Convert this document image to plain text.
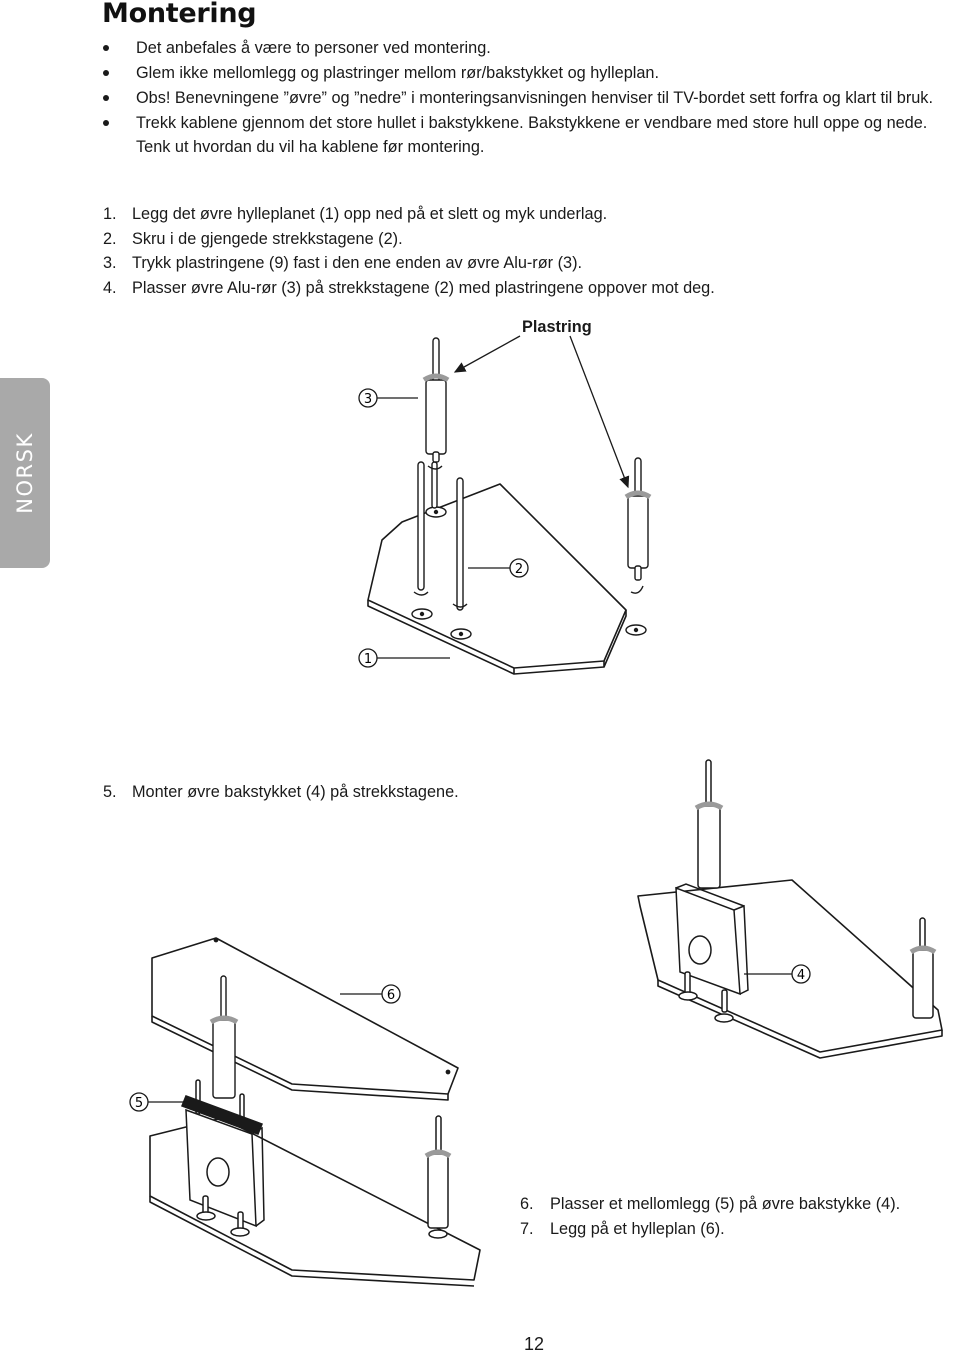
Montering
Det anbefales å være to personer ved montering.
Glem ikke mellomlegg og plastringer mellom rør/bakstykket og hylleplan.
Obs! Benevningene ”øvre” og ”nedre” i monteringsanvisningen henviser til TV-bordet sett forfra og klart til bruk.
Trekk kablene gjennom det store hullet i bakstykkene. Bakstykkene er vendbare med store hull oppe og nede. Tenk ut hvordan du vil ha kablene før montering.
1. Legg det øvre hylleplanet (1) opp ned på et slett og myk underlag.
2. Skru i de gjengede strekkstagene (2).
3. Trykk plastringene (9) fast i den ene enden av øvre Alu-rør (3).
4. Plasser øvre Alu-rør (3) på strekkstagene (2) med plastringene oppover mot deg.
Plastring
NORSK
5. Monter øvre bakstykket (4) på strekkstagene.
6. Plasser et mellomlegg (5) på øvre bakstykke (4).
7. Legg på et hylleplan (6).
3
2
1
4
6
5
12
